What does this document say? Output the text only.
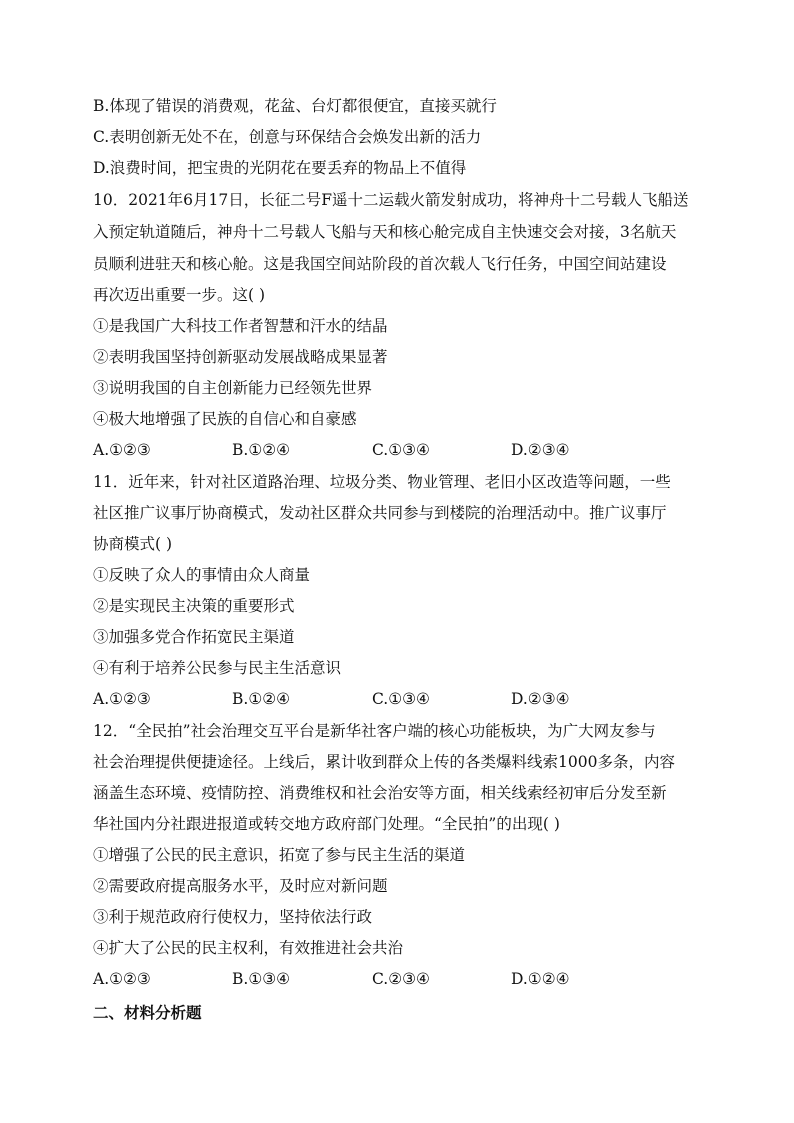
B.体现了错误的消费观，花盆、台灯都很便宜，直接买就行
C.表明创新无处不在，创意与环保结合会焕发出新的活力
D.浪费时间，把宝贵的光阴花在要丢弃的物品上不值得
10．2021年6月17日，长征二号F遥十二运载火箭发射成功，将神舟十二号载人飞船送
入预定轨道随后，神舟十二号载人飞船与天和核心舱完成自主快速交会对接，3名航天
员顺利进驻天和核心舱。这是我国空间站阶段的首次载人飞行任务，中国空间站建设
再次迈出重要一步。这( )
①是我国广大科技工作者智慧和汗水的结晶
②表明我国坚持创新驱动发展战略成果显著
③说明我国的自主创新能力已经领先世界
④极大地增强了民族的自信心和自豪感
A.①②③	B.①②④	C.①③④	D.②③④
11．近年来，针对社区道路治理、垃圾分类、物业管理、老旧小区改造等问题，一些
社区推广议事厅协商模式，发动社区群众共同参与到楼院的治理活动中。推广议事厅
协商模式( )
①反映了众人的事情由众人商量
②是实现民主决策的重要形式
③加强多党合作拓宽民主渠道
④有利于培养公民参与民主生活意识
A.①②③	B.①②④	C.①③④	D.②③④
12．“全民拍”社会治理交互平台是新华社客户端的核心功能板块，为广大网友参与
社会治理提供便捷途径。上线后，累计收到群众上传的各类爆料线索1000多条，内容
涵盖生态环境、疫情防控、消费维权和社会治安等方面，相关线索经初审后分发至新
华社国内分社跟进报道或转交地方政府部门处理。“全民拍”的出现( )
①增强了公民的民主意识，拓宽了参与民主生活的渠道
②需要政府提高服务水平，及时应对新问题
③利于规范政府行使权力，坚持依法行政
④扩大了公民的民主权利，有效推进社会共治
A.①②③	B.①③④	C.②③④	D.①②④
二、材料分析题
